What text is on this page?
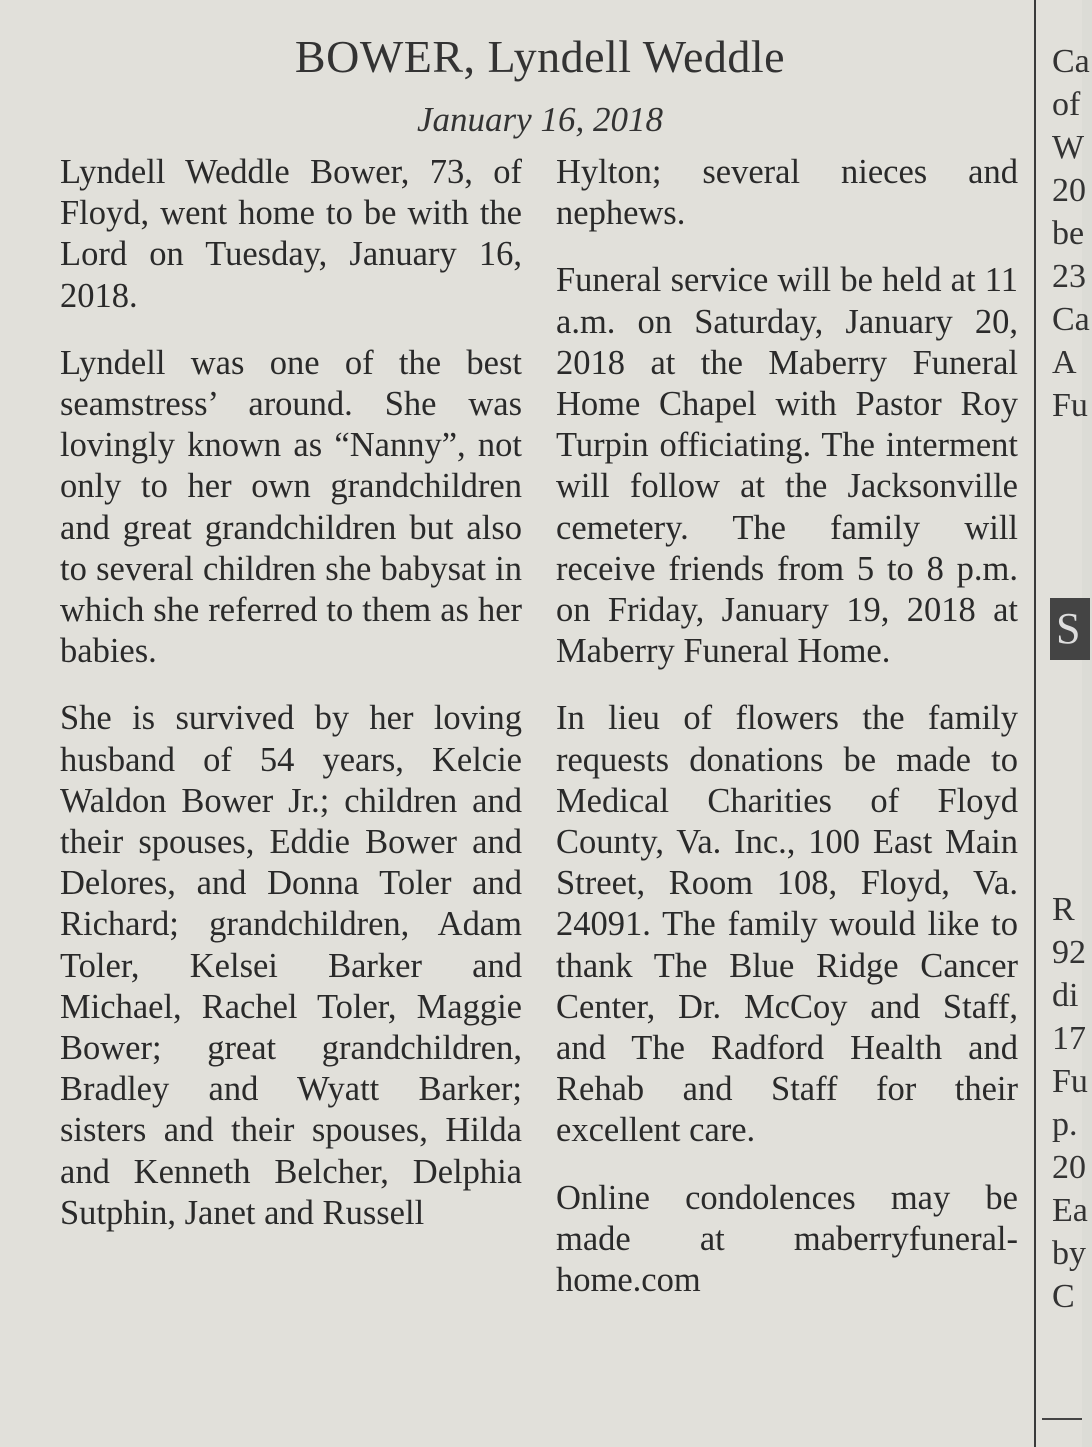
BOWER, Lyndell Weddle
January 16, 2018

Lyndell Weddle Bower, 73, of Floyd, went home to be with the Lord on Tuesday, January 16, 2018.

Lyndell was one of the best seamstress’ around. She was lovingly known as “Nanny”, not only to her own grandchildren and great grandchildren but also to several children she babysat in which she referred to them as her babies.

She is survived by her loving husband of 54 years, Kelcie Waldon Bower Jr.; children and their spouses, Eddie Bower and Delores, and Donna Toler and Richard; grandchildren, Adam Toler, Kelsei Barker and Michael, Rachel Toler, Maggie Bower; great grandchildren, Bradley and Wyatt Barker; sisters and their spouses, Hilda and Kenneth Belcher, Delphia Sutphin, Janet and Russell

Hylton; several nieces and nephews.

Funeral service will be held at 11 a.m. on Saturday, January 20, 2018 at the Maberry Funeral Home Chapel with Pastor Roy Turpin officiating. The interment will follow at the Jacksonville cemetery. The family will receive friends from 5 to 8 p.m. on Friday, January 19, 2018 at Maberry Funeral Home.

In lieu of flowers the family requests donations be made to Medical Charities of Floyd County, Va. Inc., 100 East Main Street, Room 108, Floyd, Va. 24091. The family would like to thank The Blue Ridge Cancer Center, Dr. McCoy and Staff, and The Radford Health and Rehab and Staff for their excellent care.

Online condolences may be made at maberryfuneralhome.com

Ca
of
W
20
be
23
Ca
A
Fu
S
R
92
di
17
Fu
p.
20
Ea
by
C
